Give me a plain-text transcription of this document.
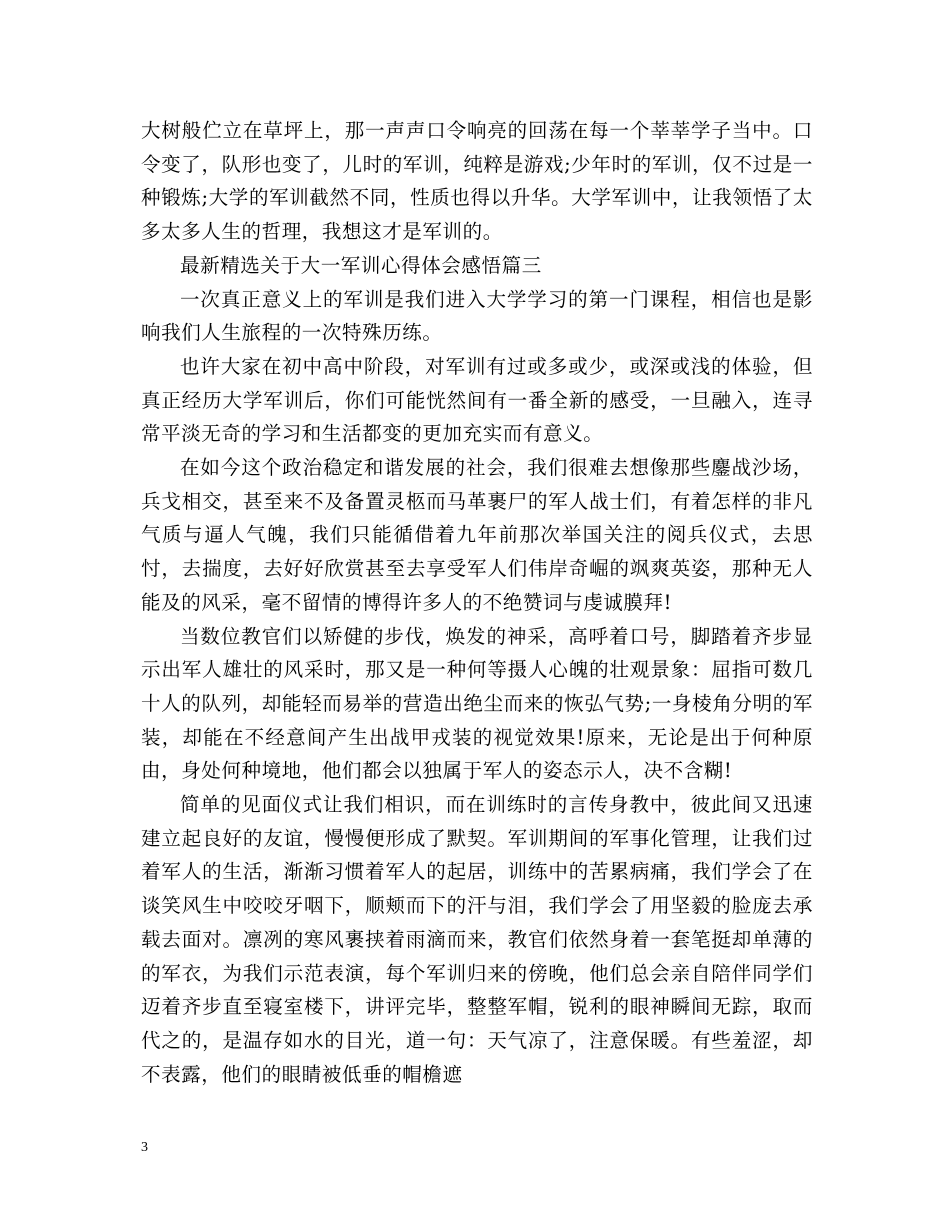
大树般伫立在草坪上，那一声声口令响亮的回荡在每一个莘莘学子当中。口令变了，队形也变了，儿时的军训，纯粹是游戏;少年时的军训，仅不过是一种锻炼;大学的军训截然不同，性质也得以升华。大学军训中，让我领悟了太多太多人生的哲理，我想这才是军训的。

最新精选关于大一军训心得体会感悟篇三

一次真正意义上的军训是我们进入大学学习的第一门课程，相信也是影响我们人生旅程的一次特殊历练。

也许大家在初中高中阶段，对军训有过或多或少，或深或浅的体验，但真正经历大学军训后，你们可能恍然间有一番全新的感受，一旦融入，连寻常平淡无奇的学习和生活都变的更加充实而有意义。

在如今这个政治稳定和谐发展的社会，我们很难去想像那些鏖战沙场，兵戈相交，甚至来不及备置灵柩而马革裹尸的军人战士们，有着怎样的非凡气质与逼人气魄，我们只能循借着九年前那次举国关注的阅兵仪式，去思忖，去揣度，去好好欣赏甚至去享受军人们伟岸奇崛的飒爽英姿，那种无人能及的风采，毫不留情的博得许多人的不绝赞词与虔诚膜拜!

当数位教官们以矫健的步伐，焕发的神采，高呼着口号，脚踏着齐步显示出军人雄壮的风采时，那又是一种何等摄人心魄的壮观景象：屈指可数几十人的队列，却能轻而易举的营造出绝尘而来的恢弘气势;一身棱角分明的军装，却能在不经意间产生出战甲戎装的视觉效果!原来，无论是出于何种原由，身处何种境地，他们都会以独属于军人的姿态示人，决不含糊!

简单的见面仪式让我们相识，而在训练时的言传身教中，彼此间又迅速建立起良好的友谊，慢慢便形成了默契。军训期间的军事化管理，让我们过着军人的生活，渐渐习惯着军人的起居，训练中的苦累病痛，我们学会了在谈笑风生中咬咬牙咽下，顺颊而下的汗与泪，我们学会了用坚毅的脸庞去承载去面对。凛冽的寒风裹挟着雨滴而来，教官们依然身着一套笔挺却单薄的的军衣，为我们示范表演，每个军训归来的傍晚，他们总会亲自陪伴同学们迈着齐步直至寝室楼下，讲评完毕，整整军帽，锐利的眼神瞬间无踪，取而代之的，是温存如水的目光，道一句：天气凉了，注意保暖。有些羞涩，却不表露，他们的眼睛被低垂的帽檐遮

3
